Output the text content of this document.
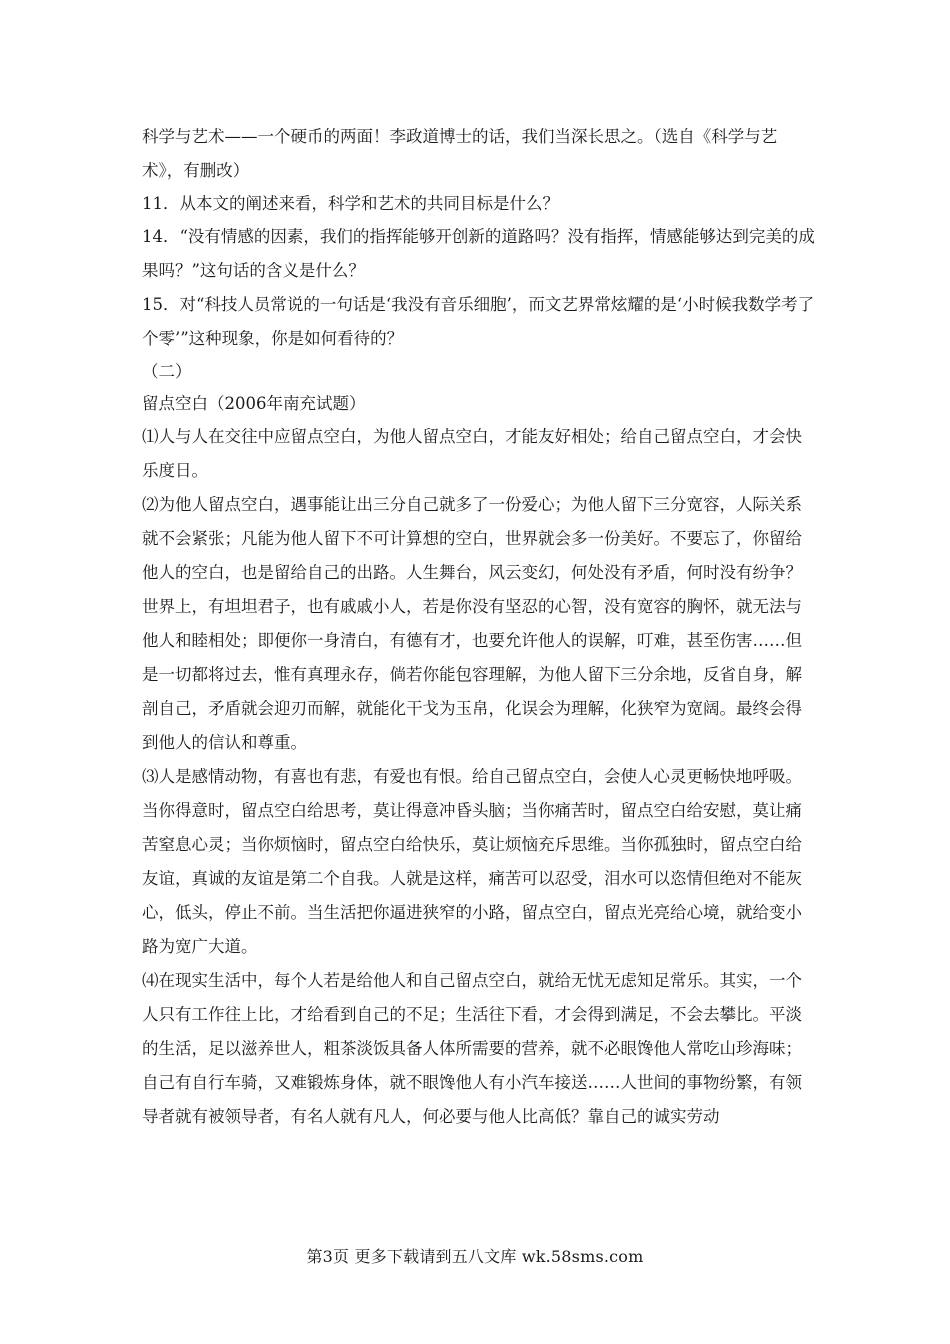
科学与艺术——一个硬币的两面！李政道博士的话，我们当深长思之。（选自《科学与艺术》，有删改）

11．从本文的阐述来看，科学和艺术的共同目标是什么？

14．“没有情感的因素，我们的指挥能够开创新的道路吗？没有指挥，情感能够达到完美的成果吗？”这句话的含义是什么？

15．对“科技人员常说的一句话是‘我没有音乐细胞’，而文艺界常炫耀的是‘小时候我数学考了个零’”这种现象，你是如何看待的？

（二）

留点空白（2006年南充试题）

⑴人与人在交往中应留点空白，为他人留点空白，才能友好相处；给自己留点空白，才会快乐度日。

⑵为他人留点空白，遇事能让出三分自己就多了一份爱心；为他人留下三分宽容，人际关系就不会紧张；凡能为他人留下不可计算想的空白，世界就会多一份美好。不要忘了，你留给他人的空白，也是留给自己的出路。人生舞台，风云变幻，何处没有矛盾，何时没有纷争？世界上，有坦坦君子，也有戚戚小人，若是你没有坚忍的心智，没有宽容的胸怀，就无法与他人和睦相处；即便你一身清白，有德有才，也要允许他人的误解，叮难，甚至伤害……但是一切都将过去，惟有真理永存，倘若你能包容理解，为他人留下三分余地，反省自身，解剖自己，矛盾就会迎刃而解，就能化干戈为玉帛，化误会为理解，化狭窄为宽阔。最终会得到他人的信认和尊重。

⑶人是感情动物，有喜也有悲，有爱也有恨。给自己留点空白，会使人心灵更畅快地呼吸。当你得意时，留点空白给思考，莫让得意冲昏头脑；当你痛苦时，留点空白给安慰，莫让痛苦窒息心灵；当你烦恼时，留点空白给快乐，莫让烦恼充斥思维。当你孤独时，留点空白给友谊，真诚的友谊是第二个自我。人就是这样，痛苦可以忍受，泪水可以恣情但绝对不能灰心，低头，停止不前。当生活把你逼进狭窄的小路，留点空白，留点光亮给心境，就给变小路为宽广大道。

⑷在现实生活中，每个人若是给他人和自己留点空白，就给无忧无虑知足常乐。其实，一个人只有工作往上比，才给看到自己的不足；生活往下看，才会得到满足，不会去攀比。平淡的生活，足以滋养世人，粗茶淡饭具备人体所需要的营养，就不必眼馋他人常吃山珍海味；自己有自行车骑，又难锻炼身体，就不眼馋他人有小汽车接送……人世间的事物纷繁，有领导者就有被领导者，有名人就有凡人，何必要与他人比高低？靠自己的诚实劳动

第3页 更多下载请到五八文库 wk.58sms.com
